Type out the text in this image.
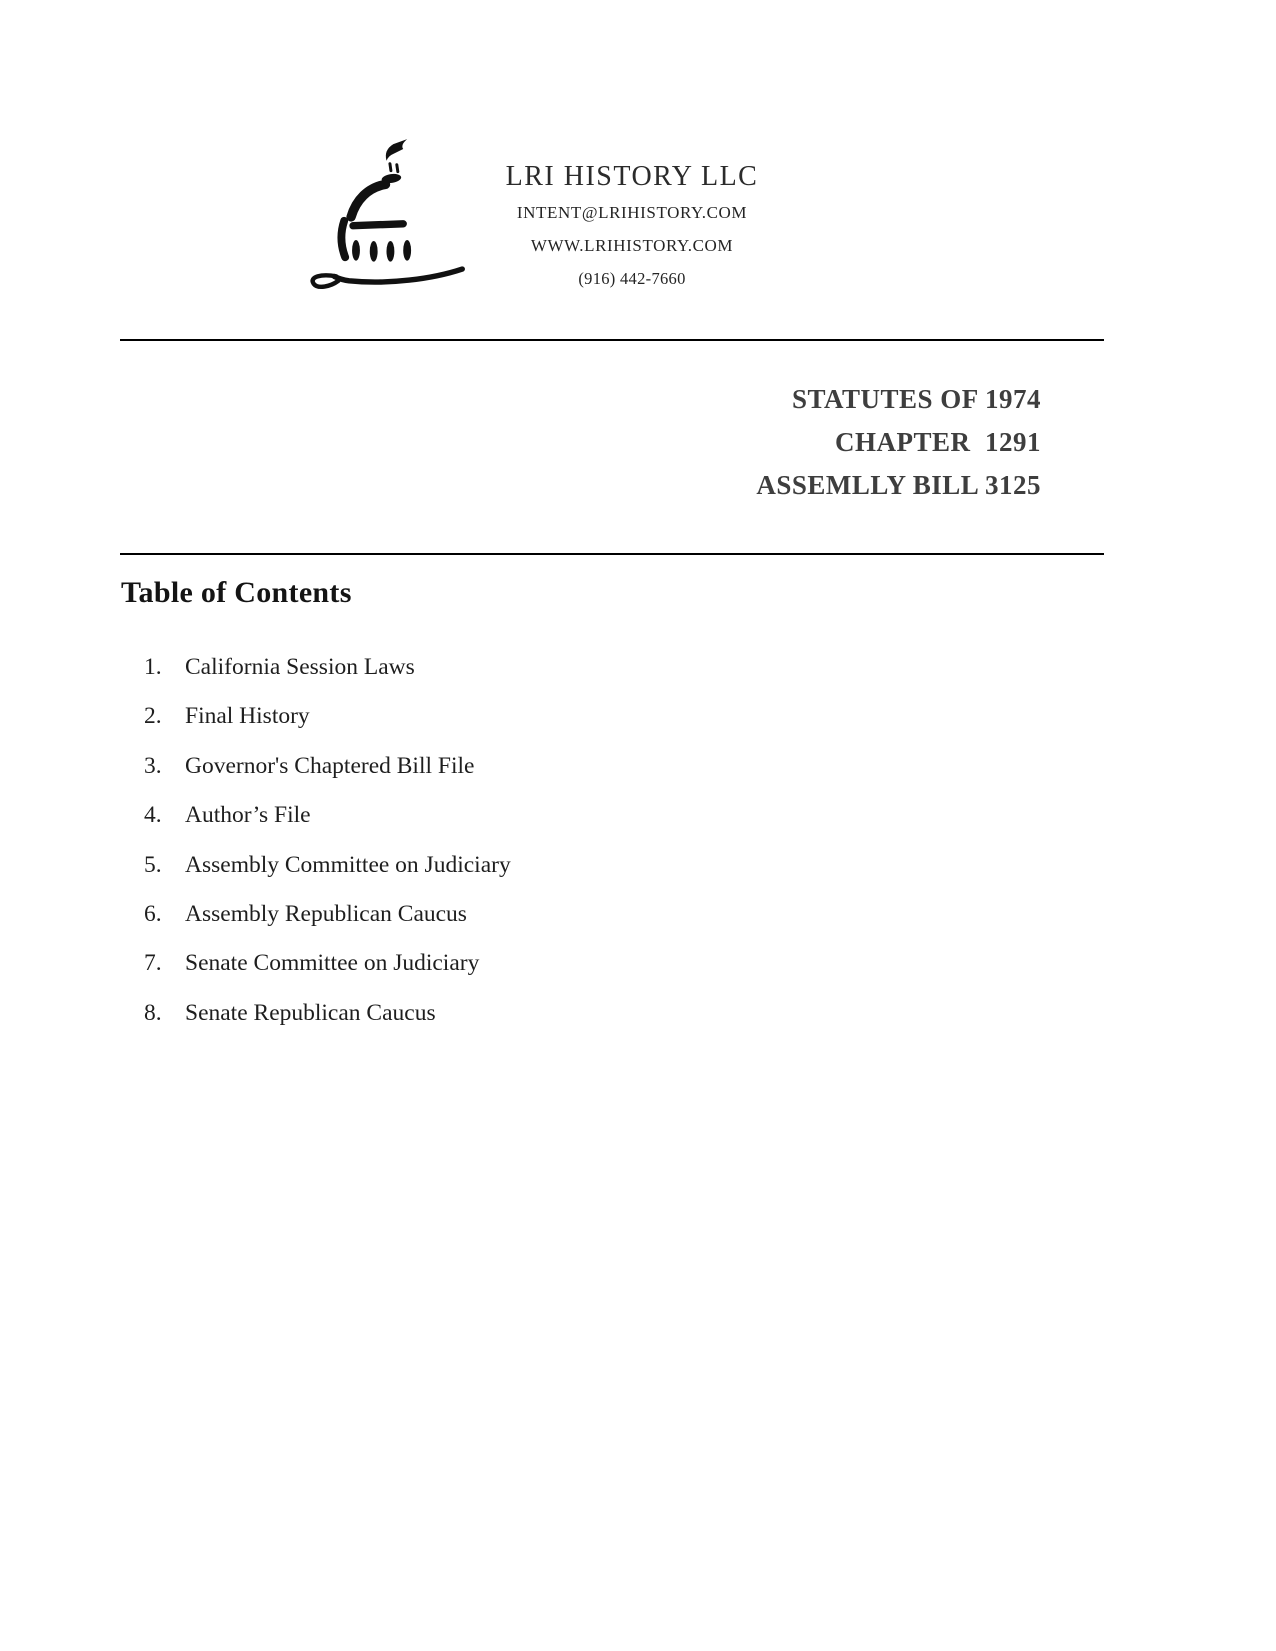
LRI HISTORY LLC
INTENT@LRIHISTORY.COM
WWW.LRIHISTORY.COM
(916) 442-7660
STATUTES OF 1974
CHAPTER  1291
ASSEMLLY BILL 3125
Table of Contents
1. California Session Laws
2. Final History
3. Governor's Chaptered Bill File
4. Author’s File
5. Assembly Committee on Judiciary
6. Assembly Republican Caucus
7. Senate Committee on Judiciary
8. Senate Republican Caucus
